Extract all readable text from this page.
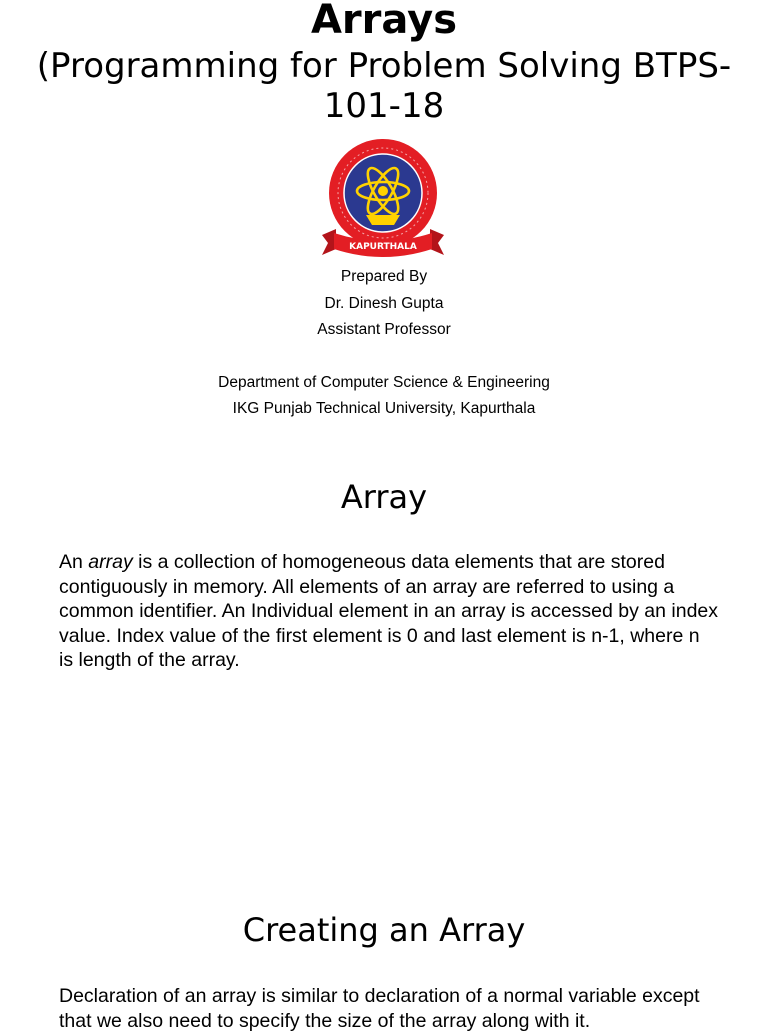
Arrays
(Programming for Problem Solving BTPS-
101-18
KAPURTHALA
Prepared By
Dr. Dinesh Gupta
Assistant Professor
Department of Computer Science & Engineering
IKG Punjab Technical University, Kapurthala
Array

An array is a collection of homogeneous data elements that are stored contiguously in memory. All elements of an array are referred to using a common identifier. An Individual element in an array is accessed by an index value. Index value of the first element is 0 and last element is n-1, where n is length of the array.

Creating an Array

Declaration of an array is similar to declaration of a normal variable except that we also need to specify the size of the array along with it.
